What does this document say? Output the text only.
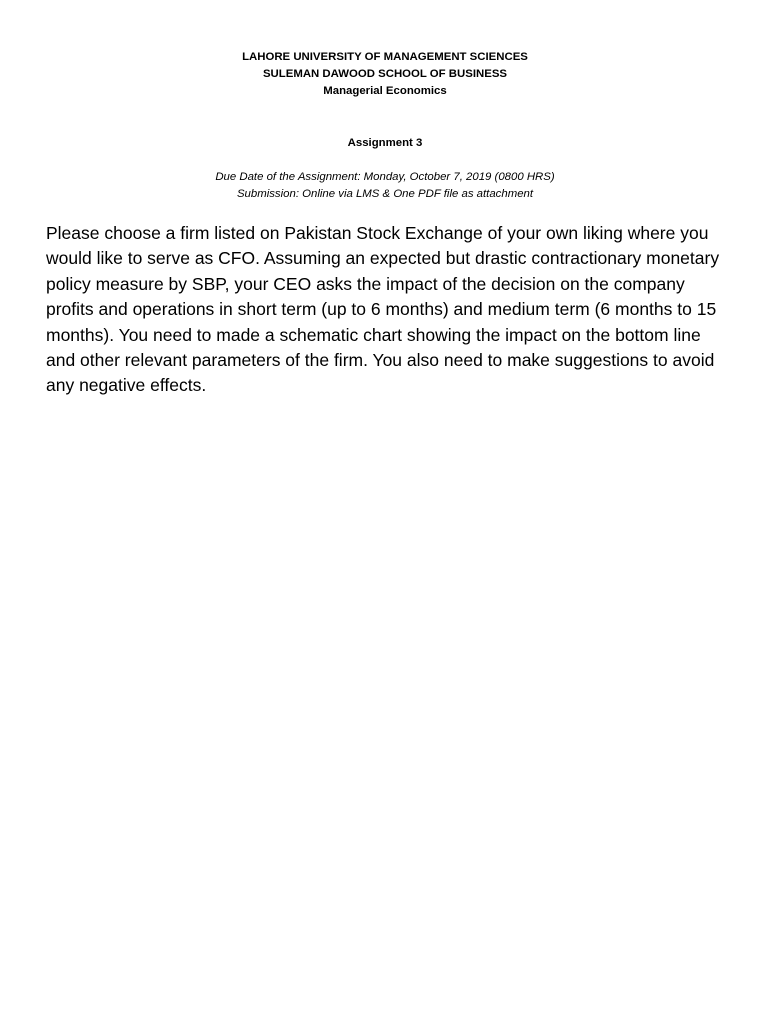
LAHORE UNIVERSITY OF MANAGEMENT SCIENCES
SULEMAN DAWOOD SCHOOL OF BUSINESS
Managerial Economics
Assignment 3
Due Date of the Assignment: Monday, October 7, 2019 (0800 HRS)
Submission: Online via LMS & One PDF file as attachment
Please choose a firm listed on Pakistan Stock Exchange of your own liking where you would like to serve as CFO. Assuming an expected but drastic contractionary monetary policy measure by SBP, your CEO asks the impact of the decision on the company profits and operations in short term (up to 6 months) and medium term (6 months to 15 months). You need to made a schematic chart showing the impact on the bottom line and other relevant parameters of the firm. You also need to make suggestions to avoid any negative effects.
